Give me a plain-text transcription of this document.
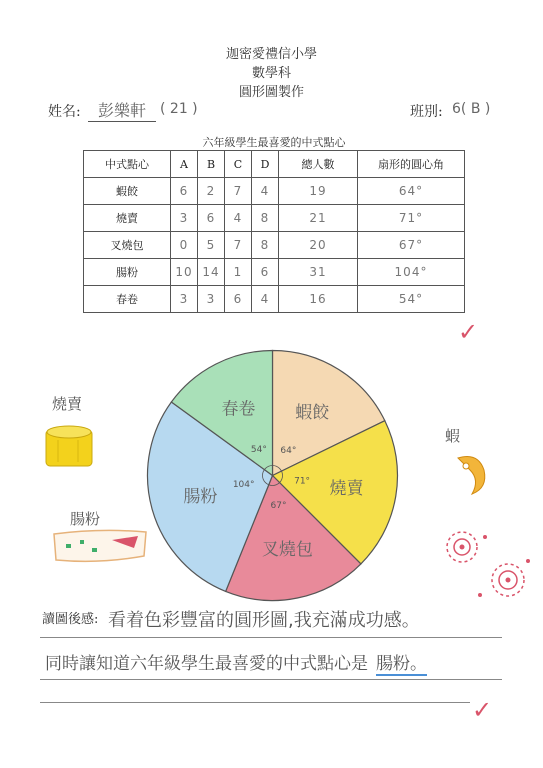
迦密愛禮信小學
數學科
圓形圖製作
姓名:	彭樂軒	( 21 )	班別: 6( B )
六年級學生最喜愛的中式點心
中式點心	A	B	C	D	總人數	扇形的圓心角
蝦餃	6	2	7	4	19	64°
燒賣	3	6	4	8	21	71°
叉燒包	0	5	7	8	20	67°
腸粉	10	14	1	6	31	104°
春卷	3	3	6	4	16	54°
✓
蝦餃
燒賣
叉燒包
腸粉
春卷
64°
71°
67°
104°
54°
燒賣
腸粉
蝦
讀圖後感: 看着色彩豐富的圓形圖,我充滿成功感。
同時讓知道六年級學生最喜愛的中式點心是 腸粉。
✓
